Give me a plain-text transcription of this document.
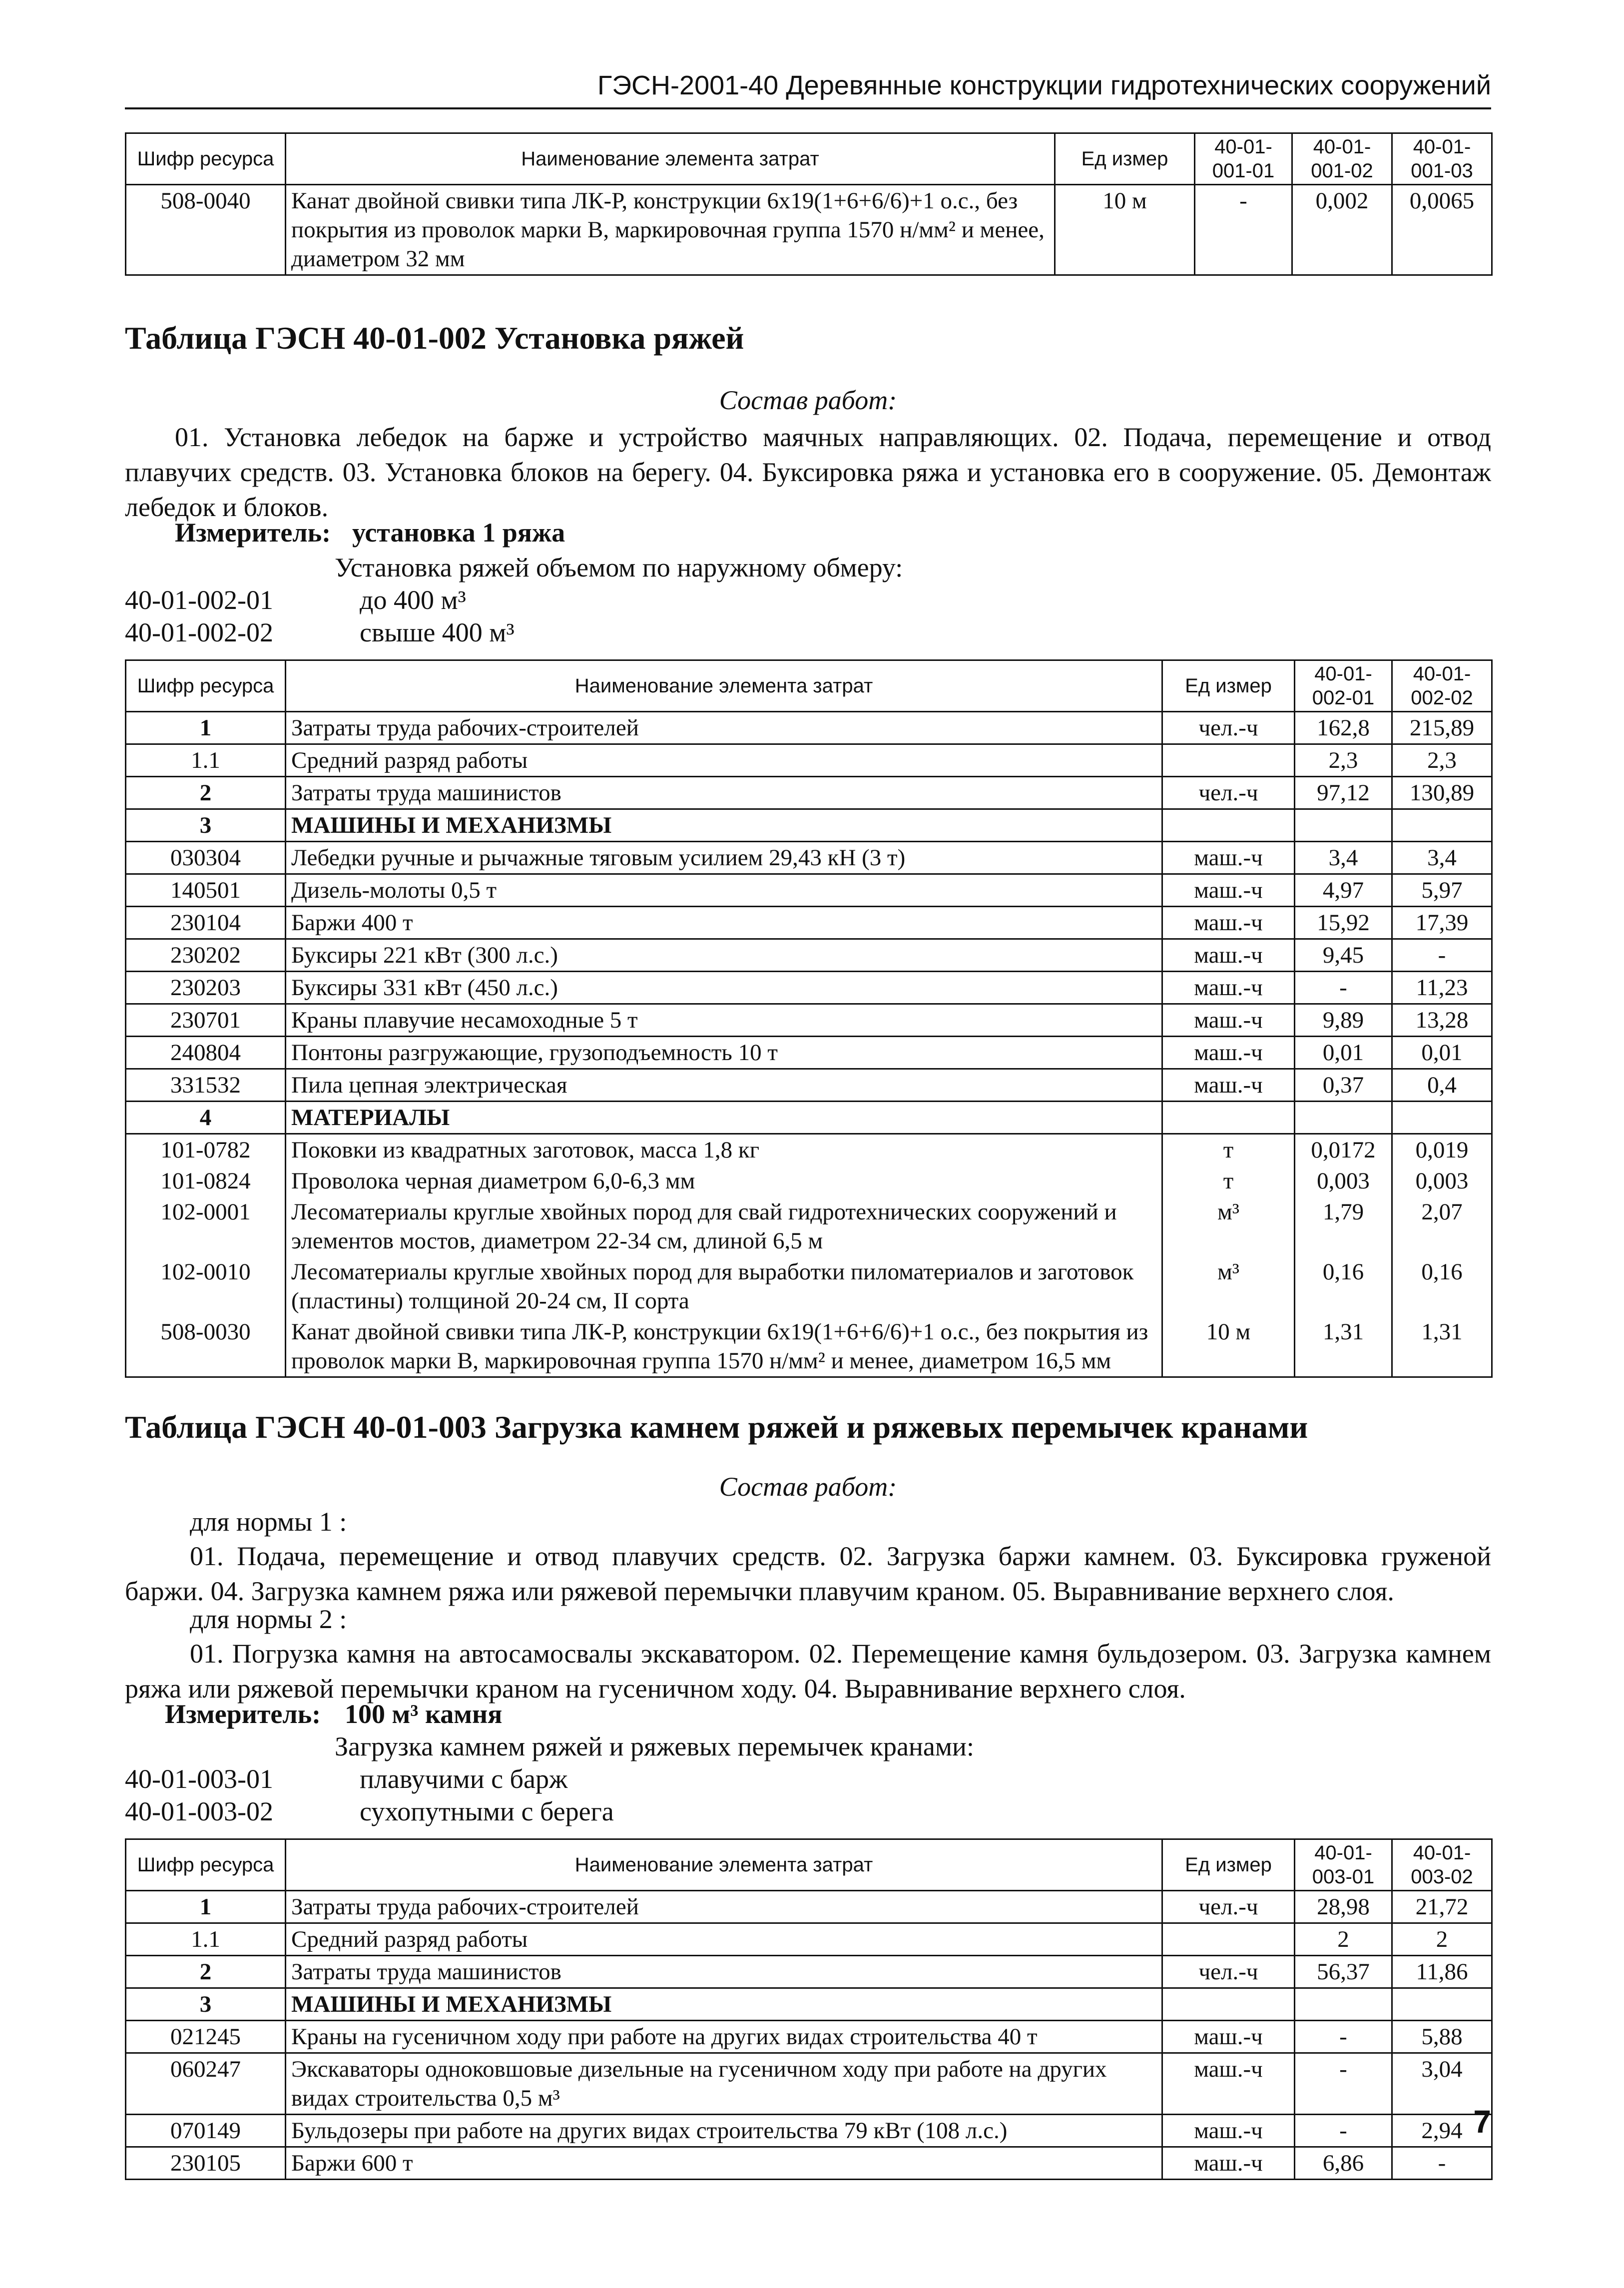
ГЭСН-2001-40 Деревянные конструкции гидротехнических сооружений
Шифр ресурса	Наименование элемента затрат	Ед измер	40-01-001-01	40-01-001-02	40-01-001-03
508-0040	Канат двойной свивки типа ЛК-Р, конструкции 6х19(1+6+6/6)+1 о.с., без покрытия из проволок марки В, маркировочная группа 1570 н/мм² и менее, диаметром 32 мм	10 м	-	0,002	0,0065
Таблица ГЭСН 40-01-002 Установка ряжей
Состав работ:
01. Установка лебедок на барже и устройство маячных направляющих. 02. Подача, перемещение и отвод плавучих средств. 03. Установка блоков на берегу. 04. Буксировка ряжа и установка его в сооружение. 05. Демонтаж лебедок и блоков.
Измеритель: установка 1 ряжа
Установка ряжей объемом по наружному обмеру:
40-01-002-01	до 400 м³
40-01-002-02	свыше 400 м³
Шифр ресурса	Наименование элемента затрат	Ед измер	40-01-002-01	40-01-002-02
1	Затраты труда рабочих-строителей	чел.-ч	162,8	215,89
1.1	Средний разряд работы		2,3	2,3
2	Затраты труда машинистов	чел.-ч	97,12	130,89
3	МАШИНЫ И МЕХАНИЗМЫ			
030304	Лебедки ручные и рычажные тяговым усилием 29,43 кН (3 т)	маш.-ч	3,4	3,4
140501	Дизель-молоты 0,5 т	маш.-ч	4,97	5,97
230104	Баржи 400 т	маш.-ч	15,92	17,39
230202	Буксиры 221 кВт (300 л.с.)	маш.-ч	9,45	-
230203	Буксиры 331 кВт (450 л.с.)	маш.-ч	-	11,23
230701	Краны плавучие несамоходные 5 т	маш.-ч	9,89	13,28
240804	Понтоны разгружающие, грузоподъемность 10 т	маш.-ч	0,01	0,01
331532	Пила цепная электрическая	маш.-ч	0,37	0,4
4	МАТЕРИАЛЫ			
101-0782	Поковки из квадратных заготовок, масса 1,8 кг	т	0,0172	0,019
101-0824	Проволока черная диаметром 6,0-6,3 мм	т	0,003	0,003
102-0001	Лесоматериалы круглые хвойных пород для свай гидротехнических сооружений и элементов мостов, диаметром 22-34 см, длиной 6,5 м	м³	1,79	2,07
102-0010	Лесоматериалы круглые хвойных пород для выработки пиломатериалов и заготовок (пластины) толщиной 20-24 см, II сорта	м³	0,16	0,16
508-0030	Канат двойной свивки типа ЛК-Р, конструкции 6х19(1+6+6/6)+1 о.с., без покрытия из проволок марки В, маркировочная группа 1570 н/мм² и менее, диаметром 16,5 мм	10 м	1,31	1,31
Таблица ГЭСН 40-01-003 Загрузка камнем ряжей и ряжевых перемычек кранами
Состав работ:
для нормы 1 :
01. Подача, перемещение и отвод плавучих средств. 02. Загрузка баржи камнем. 03. Буксировка груженой баржи. 04. Загрузка камнем ряжа или ряжевой перемычки плавучим краном. 05. Выравнивание верхнего слоя.
для нормы 2 :
01. Погрузка камня на автосамосвалы экскаватором. 02. Перемещение камня бульдозером. 03. Загрузка камнем ряжа или ряжевой перемычки краном на гусеничном ходу. 04. Выравнивание верхнего слоя.
Измеритель: 100 м³ камня
Загрузка камнем ряжей и ряжевых перемычек кранами:
40-01-003-01	плавучими с барж
40-01-003-02	сухопутными с берега
Шифр ресурса	Наименование элемента затрат	Ед измер	40-01-003-01	40-01-003-02
1	Затраты труда рабочих-строителей	чел.-ч	28,98	21,72
1.1	Средний разряд работы		2	2
2	Затраты труда машинистов	чел.-ч	56,37	11,86
3	МАШИНЫ И МЕХАНИЗМЫ			
021245	Краны на гусеничном ходу при работе на других видах строительства 40 т	маш.-ч	-	5,88
060247	Экскаваторы одноковшовые дизельные на гусеничном ходу при работе на других видах строительства 0,5 м³	маш.-ч	-	3,04
070149	Бульдозеры при работе на других видах строительства 79 кВт (108 л.с.)	маш.-ч	-	2,94
230105	Баржи 600 т	маш.-ч	6,86	-
7
